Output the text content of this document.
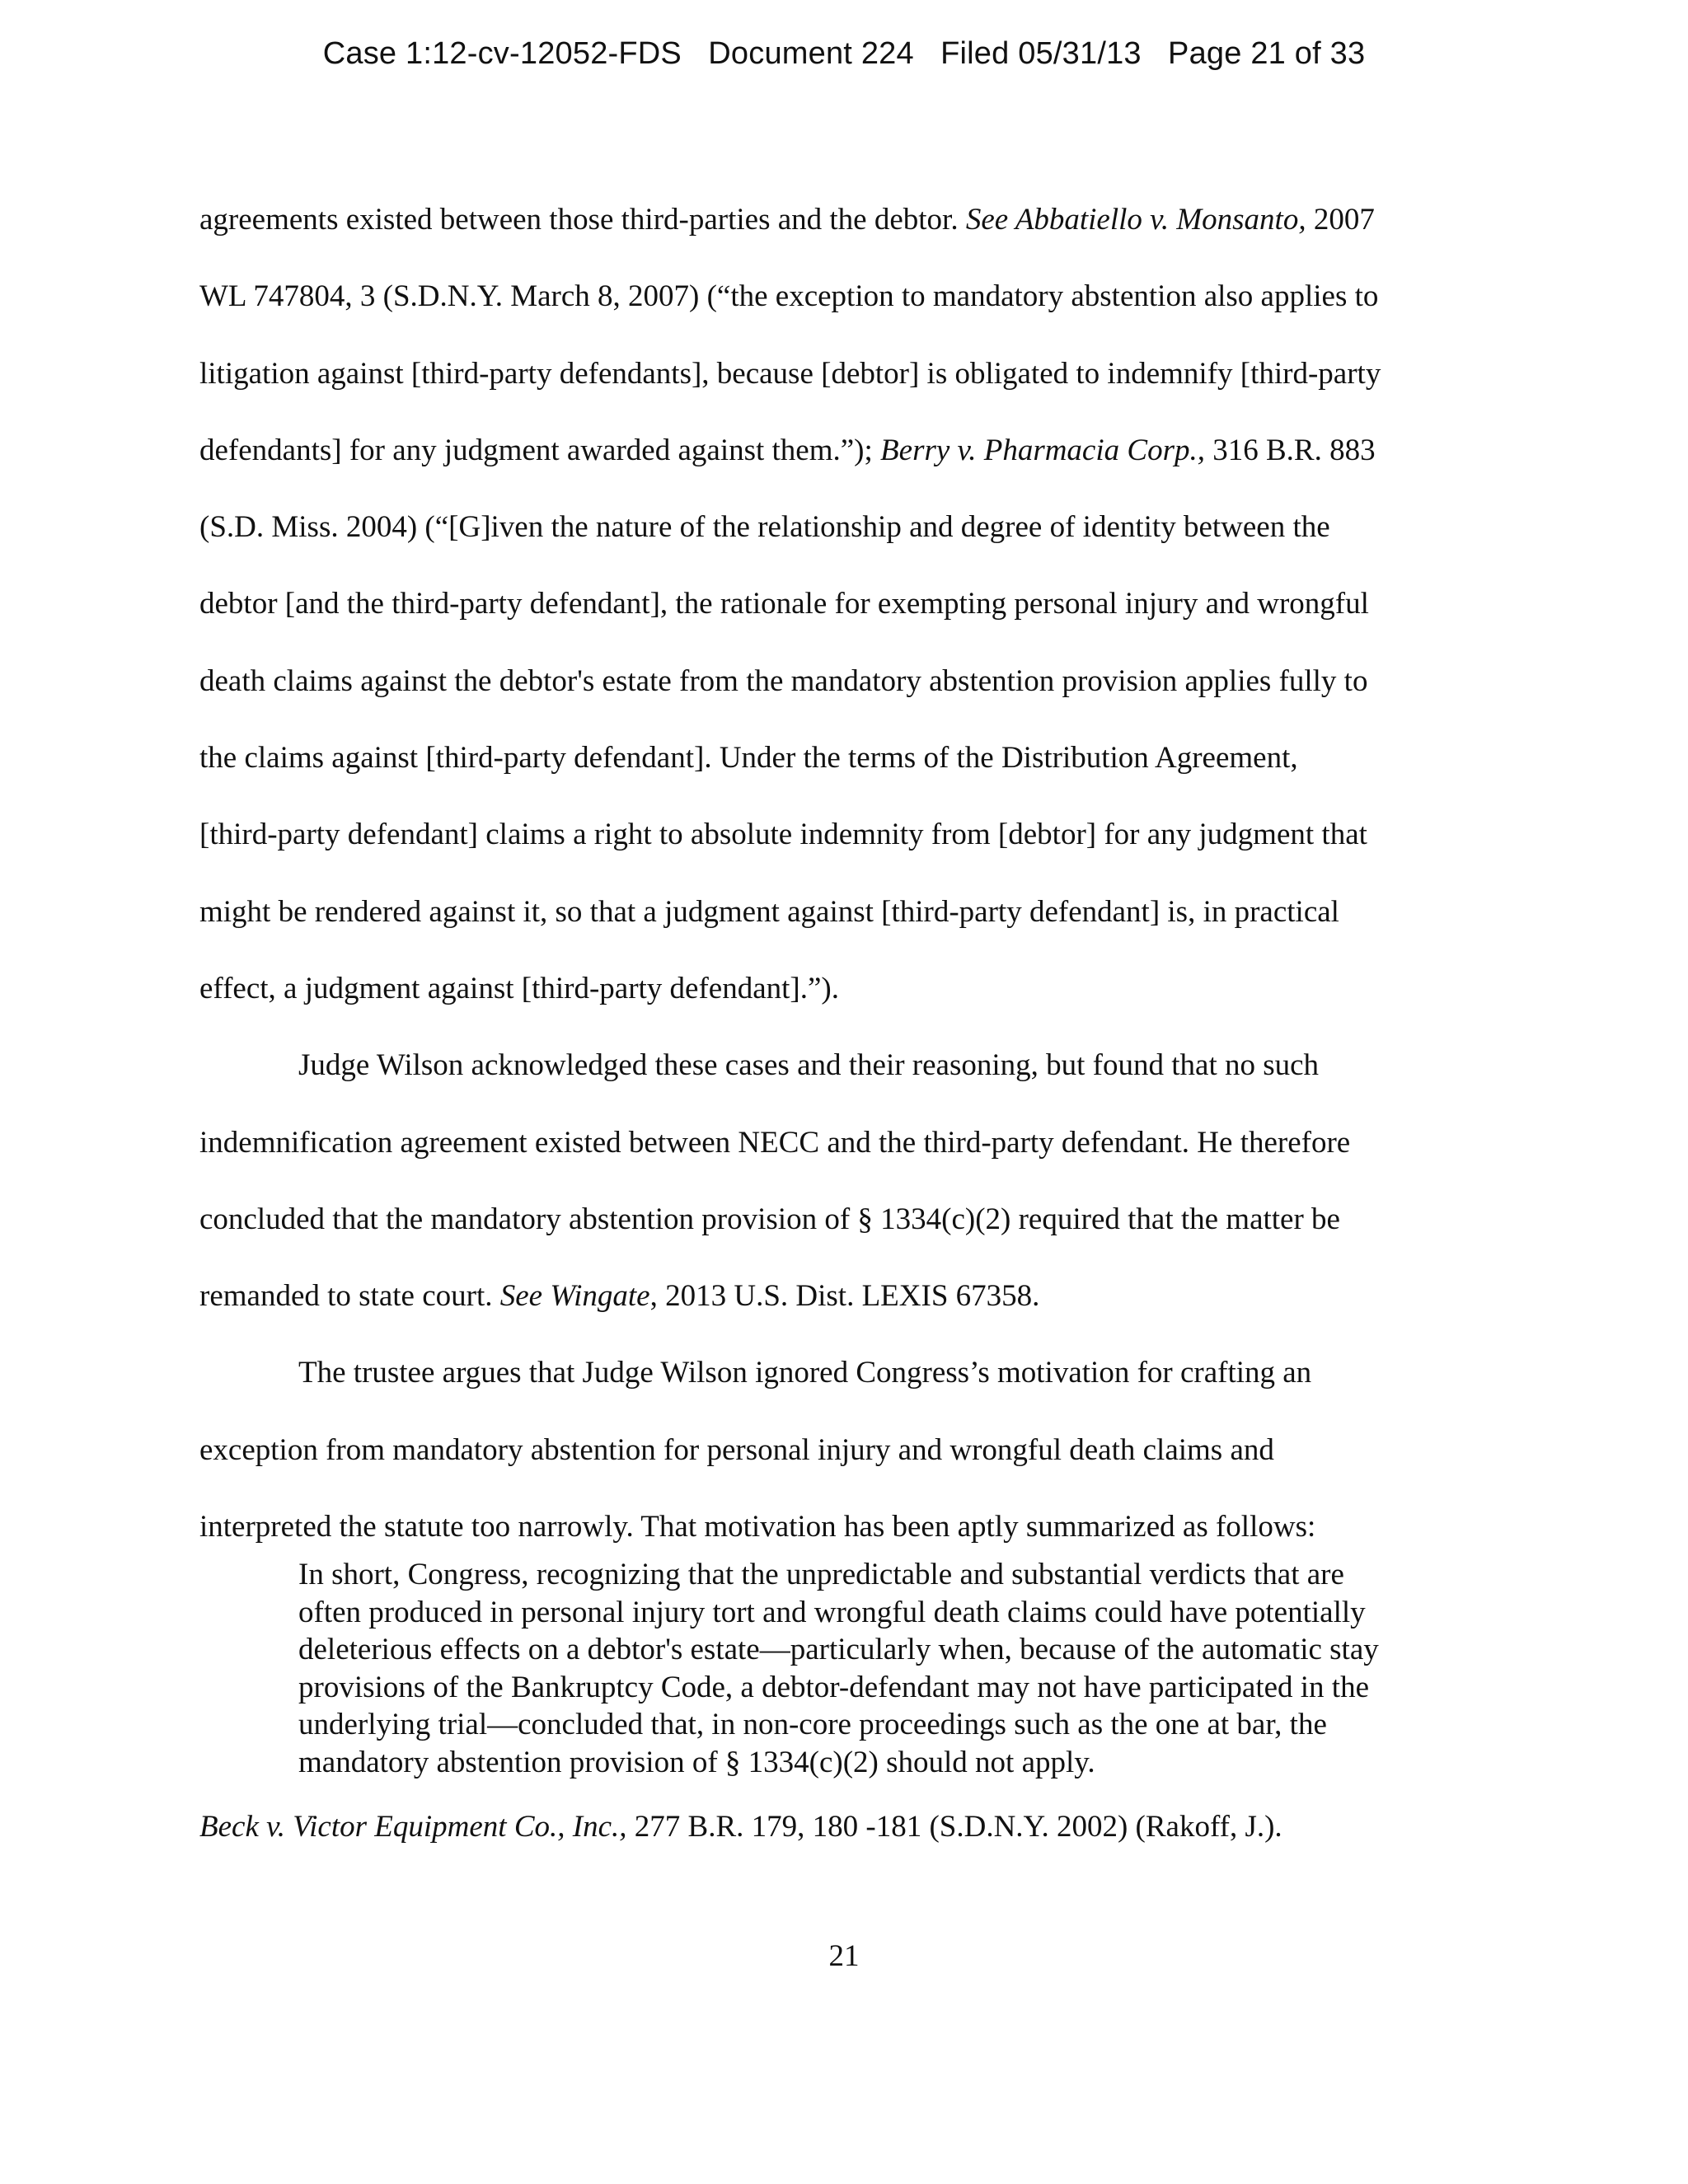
Case 1:12-cv-12052-FDS Document 224 Filed 05/31/13 Page 21 of 33
agreements existed between those third-parties and the debtor. See Abbatiello v. Monsanto, 2007
WL 747804, 3 (S.D.N.Y. March 8, 2007) (“the exception to mandatory abstention also applies to
litigation against [third-party defendants], because [debtor] is obligated to indemnify [third-party
defendants] for any judgment awarded against them.”); Berry v. Pharmacia Corp., 316 B.R. 883
(S.D. Miss. 2004) (“[G]iven the nature of the relationship and degree of identity between the
debtor [and the third-party defendant], the rationale for exempting personal injury and wrongful
death claims against the debtor's estate from the mandatory abstention provision applies fully to
the claims against [third-party defendant]. Under the terms of the Distribution Agreement,
[third-party defendant] claims a right to absolute indemnity from [debtor] for any judgment that
might be rendered against it, so that a judgment against [third-party defendant] is, in practical
effect, a judgment against [third-party defendant].”).
Judge Wilson acknowledged these cases and their reasoning, but found that no such
indemnification agreement existed between NECC and the third-party defendant. He therefore
concluded that the mandatory abstention provision of § 1334(c)(2) required that the matter be
remanded to state court. See Wingate, 2013 U.S. Dist. LEXIS 67358.
The trustee argues that Judge Wilson ignored Congress’s motivation for crafting an
exception from mandatory abstention for personal injury and wrongful death claims and
interpreted the statute too narrowly. That motivation has been aptly summarized as follows:
In short, Congress, recognizing that the unpredictable and substantial verdicts that are
often produced in personal injury tort and wrongful death claims could have potentially
deleterious effects on a debtor's estate—particularly when, because of the automatic stay
provisions of the Bankruptcy Code, a debtor-defendant may not have participated in the
underlying trial—concluded that, in non-core proceedings such as the one at bar, the
mandatory abstention provision of § 1334(c)(2) should not apply.
Beck v. Victor Equipment Co., Inc., 277 B.R. 179, 180 -181 (S.D.N.Y. 2002) (Rakoff, J.).
21
